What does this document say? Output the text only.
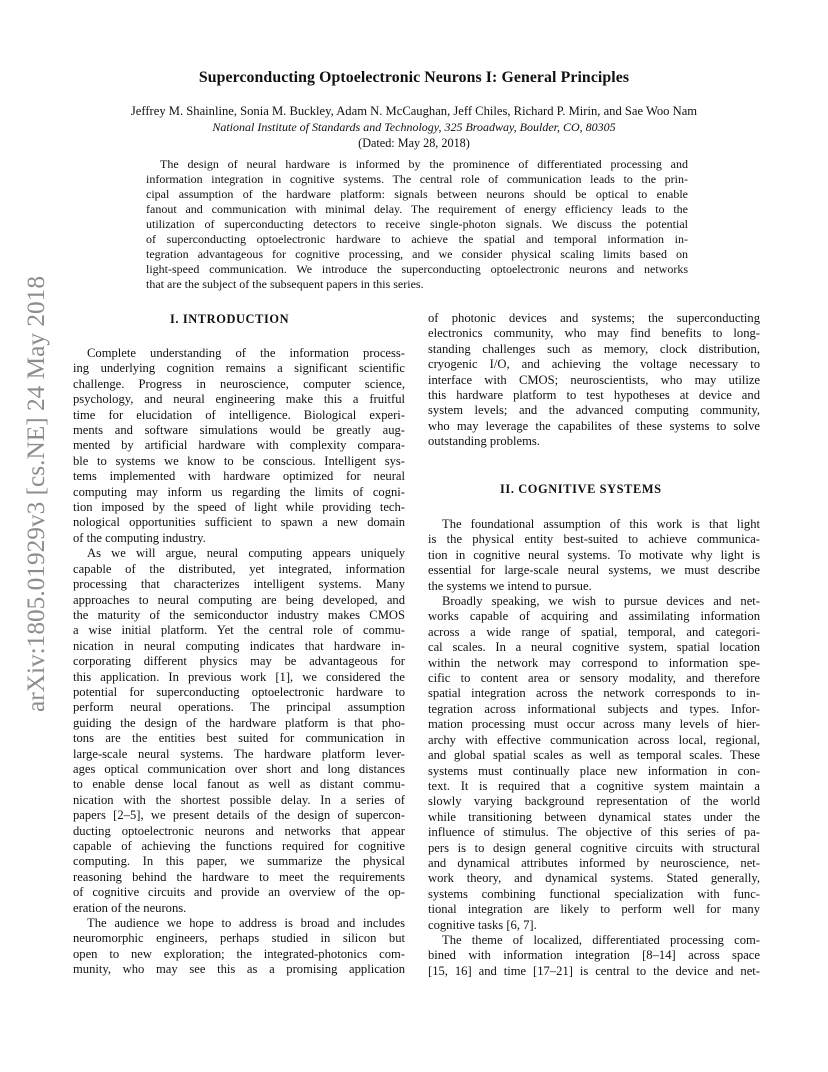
arXiv:1805.01929v3 [cs.NE] 24 May 2018
Superconducting Optoelectronic Neurons I: General Principles
Jeffrey M. Shainline, Sonia M. Buckley, Adam N. McCaughan, Jeff Chiles, Richard P. Mirin, and Sae Woo Nam
National Institute of Standards and Technology, 325 Broadway, Boulder, CO, 80305
(Dated: May 28, 2018)
The design of neural hardware is informed by the prominence of differentiated processing and
information integration in cognitive systems. The central role of communication leads to the prin-
cipal assumption of the hardware platform: signals between neurons should be optical to enable
fanout and communication with minimal delay. The requirement of energy efficiency leads to the
utilization of superconducting detectors to receive single-photon signals. We discuss the potential
of superconducting optoelectronic hardware to achieve the spatial and temporal information in-
tegration advantageous for cognitive processing, and we consider physical scaling limits based on
light-speed communication. We introduce the superconducting optoelectronic neurons and networks
that are the subject of the subsequent papers in this series.
I. INTRODUCTION
Complete understanding of the information process-
ing underlying cognition remains a significant scientific
challenge. Progress in neuroscience, computer science,
psychology, and neural engineering make this a fruitful
time for elucidation of intelligence. Biological experi-
ments and software simulations would be greatly aug-
mented by artificial hardware with complexity compara-
ble to systems we know to be conscious. Intelligent sys-
tems implemented with hardware optimized for neural
computing may inform us regarding the limits of cogni-
tion imposed by the speed of light while providing tech-
nological opportunities sufficient to spawn a new domain
of the computing industry.
As we will argue, neural computing appears uniquely
capable of the distributed, yet integrated, information
processing that characterizes intelligent systems. Many
approaches to neural computing are being developed, and
the maturity of the semiconductor industry makes CMOS
a wise initial platform. Yet the central role of commu-
nication in neural computing indicates that hardware in-
corporating different physics may be advantageous for
this application. In previous work [1], we considered the
potential for superconducting optoelectronic hardware to
perform neural operations. The principal assumption
guiding the design of the hardware platform is that pho-
tons are the entities best suited for communication in
large-scale neural systems. The hardware platform lever-
ages optical communication over short and long distances
to enable dense local fanout as well as distant commu-
nication with the shortest possible delay. In a series of
papers [2–5], we present details of the design of supercon-
ducting optoelectronic neurons and networks that appear
capable of achieving the functions required for cognitive
computing. In this paper, we summarize the physical
reasoning behind the hardware to meet the requirements
of cognitive circuits and provide an overview of the op-
eration of the neurons.
The audience we hope to address is broad and includes
neuromorphic engineers, perhaps studied in silicon but
open to new exploration; the integrated-photonics com-
munity, who may see this as a promising application
of photonic devices and systems; the superconducting
electronics community, who may find benefits to long-
standing challenges such as memory, clock distribution,
cryogenic I/O, and achieving the voltage necessary to
interface with CMOS; neuroscientists, who may utilize
this hardware platform to test hypotheses at device and
system levels; and the advanced computing community,
who may leverage the capabilites of these systems to solve
outstanding problems.
II. COGNITIVE SYSTEMS
The foundational assumption of this work is that light
is the physical entity best-suited to achieve communica-
tion in cognitive neural systems. To motivate why light is
essential for large-scale neural systems, we must describe
the systems we intend to pursue.
Broadly speaking, we wish to pursue devices and net-
works capable of acquiring and assimilating information
across a wide range of spatial, temporal, and categori-
cal scales. In a neural cognitive system, spatial location
within the network may correspond to information spe-
cific to content area or sensory modality, and therefore
spatial integration across the network corresponds to in-
tegration across informational subjects and types. Infor-
mation processing must occur across many levels of hier-
archy with effective communication across local, regional,
and global spatial scales as well as temporal scales. These
systems must continually place new information in con-
text. It is required that a cognitive system maintain a
slowly varying background representation of the world
while transitioning between dynamical states under the
influence of stimulus. The objective of this series of pa-
pers is to design general cognitive circuits with structural
and dynamical attributes informed by neuroscience, net-
work theory, and dynamical systems. Stated generally,
systems combining functional specialization with func-
tional integration are likely to perform well for many
cognitive tasks [6, 7].
The theme of localized, differentiated processing com-
bined with information integration [8–14] across space
[15, 16] and time [17–21] is central to the device and net-
